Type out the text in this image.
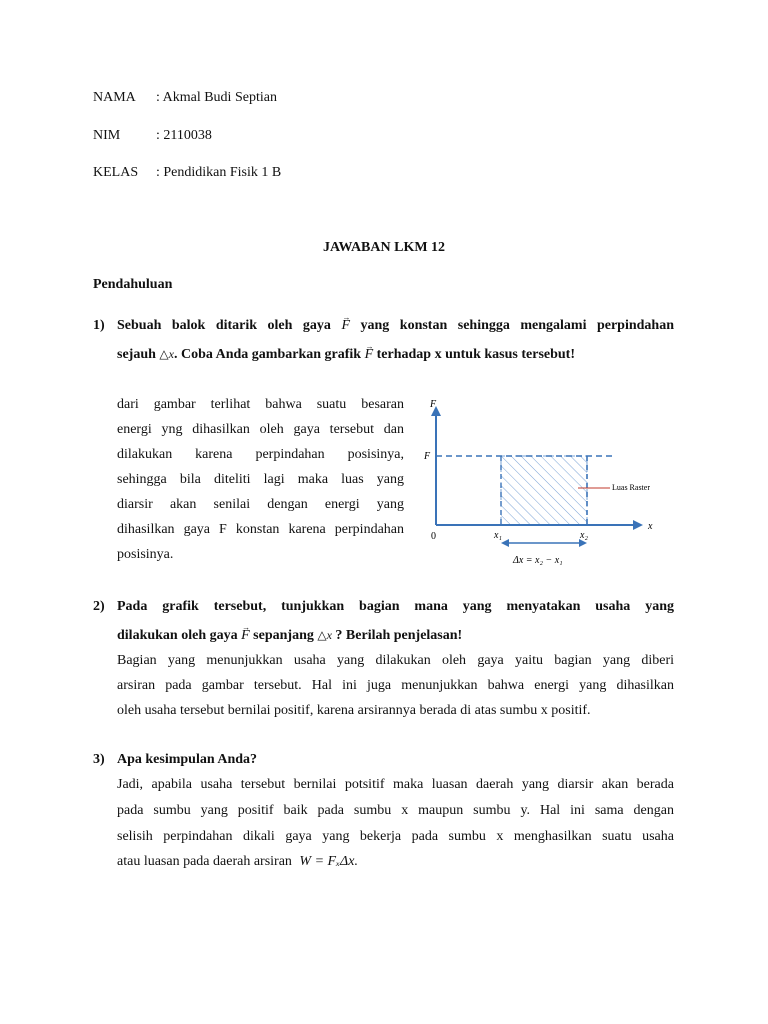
NAMA : Akmal Budi Septian
NIM	: 2110038
KELAS : Pendidikan Fisik 1 B
JAWABAN LKM 12
Pendahuluan
1) Sebuah balok ditarik oleh gaya F → yang konstan sehingga mengalami perpindahan
sejauh △x. Coba Anda gambarkan grafik F → terhadap x untuk kasus tersebut!
dari gambar terlihat bahwa suatu besaran
energi yng dihasilkan oleh gaya tersebut dan
dilakukan karena perpindahan posisinya,
sehingga bila diteliti lagi maka luas yang
diarsir akan senilai dengan energi yang
dihasilkan gaya F konstan karena perpindahan
posisinya.
F
F
0
x
x₁	x₂
Δx = x₂ − x₁
Luas Raster
2) Pada grafik tersebut, tunjukkan bagian mana yang menyatakan usaha yang
dilakukan oleh gaya F → sepanjang △x ? Berilah penjelasan!
Bagian yang menunjukkan usaha yang dilakukan oleh gaya yaitu bagian yang diberi
arsiran pada gambar tersebut. Hal ini juga menunjukkan bahwa energi yang dihasilkan
oleh usaha tersebut bernilai positif, karena arsirannya berada di atas sumbu x positif.
3) Apa kesimpulan Anda?
Jadi, apabila usaha tersebut bernilai potsitif maka luasan daerah yang diarsir akan berada
pada sumbu yang positif baik pada sumbu x maupun sumbu y. Hal ini sama dengan
selisih perpindahan dikali gaya yang bekerja pada sumbu x menghasilkan suatu usaha
atau luasan pada daerah arsiran W = FₓΔx.
